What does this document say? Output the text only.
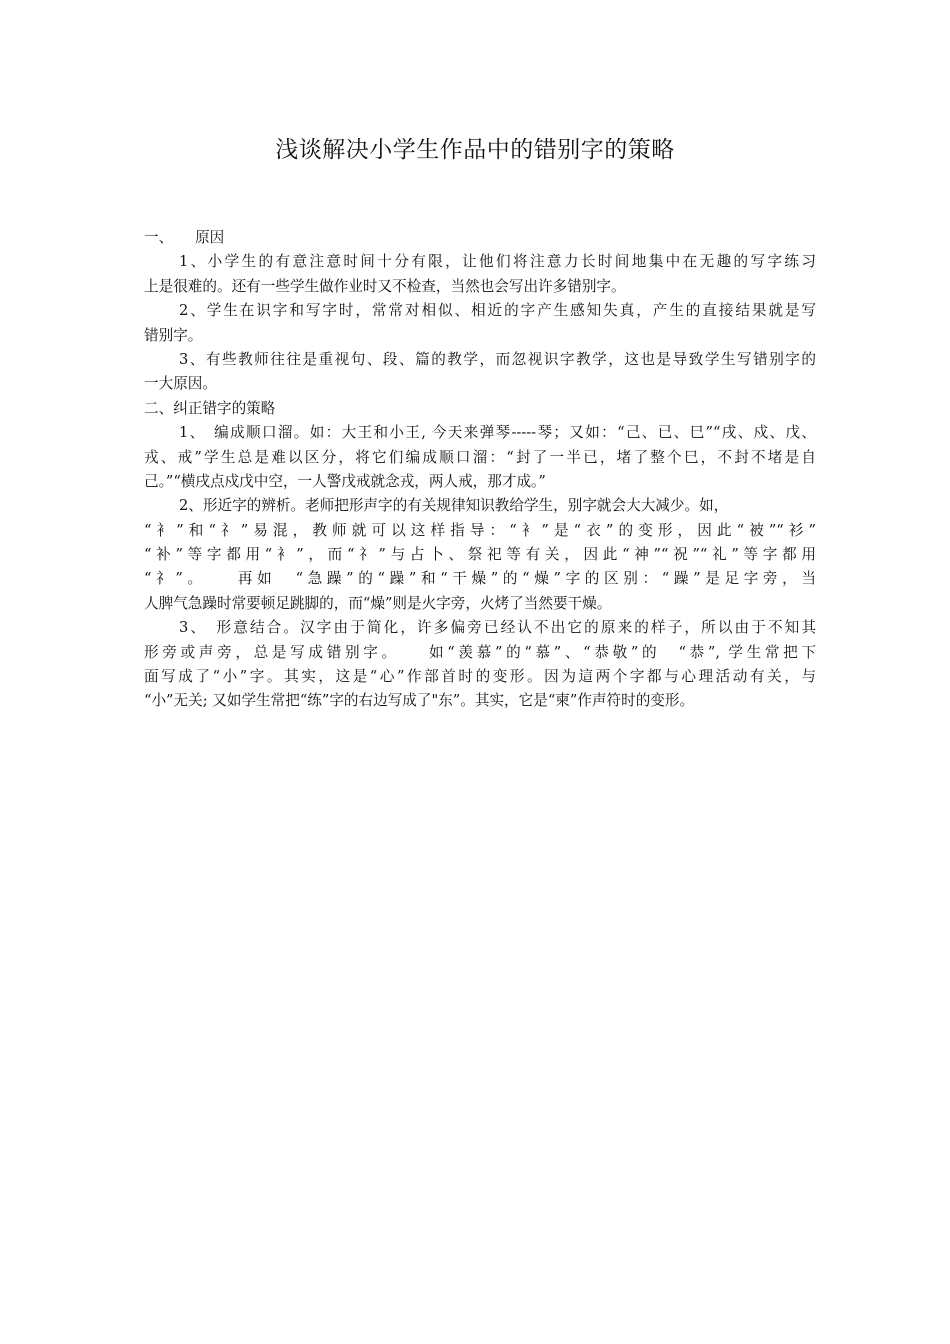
浅谈解决小学生作品中的错别字的策略
一、　　原因
1、小学生的有意注意时间十分有限，让他们将注意力长时间地集中在无趣的写字练习
上是很难的。还有一些学生做作业时又不检查，当然也会写出许多错别字。
2、学生在识字和写字时，常常对相似、相近的字产生感知失真，产生的直接结果就是写
错别字。
3、有些教师往往是重视句、段、篇的教学，而忽视识字教学，这也是导致学生写错别字的
一大原因。
二、纠正错字的策略
1、　编成顺口溜。如：大王和小王, 今天来弹琴-----琴；又如：“己、已、巳”“戌、戍、戊、
戎、戒”学生总是难以区分，将它们编成顺口溜：“封了一半已，堵了整个巳，不封不堵是自
己。”“横戌点戍戊中空，一人警戊戒就念戎，两人戒，那才成。”
2、形近字的辨析。老师把形声字的有关规律知识教给学生，别字就会大大减少。如，
“衤”和“礻”易混，教师就可以这样指导：“衤”是“衣”的变形，因此“被”“衫”
“补”等字都用“衤”，而“礻”与占卜、祭祀等有关，因此“神”“祝”“礼”等字都用
“礻”。　　再如　“急躁”的“躁”和“干燥”的“燥”字的区别：“躁”是足字旁，当
人脾气急躁时常要顿足跳脚的，而“燥”则是火字旁，火烤了当然要干燥。
3、　形意结合。汉字由于简化，许多偏旁已经认不出它的原来的样子，所以由于不知其
形旁或声旁，总是写成错别字。　　如“羡慕”的“慕”、“恭敬”的　“恭”, 学生常把下
面写成了“小”字。其实，这是“心”作部首时的变形。因为這两个字都与心理活动有关，与
“小”无关; 又如学生常把“练”字的右边写成了"东”。其实，它是“柬”作声符时的变形。
